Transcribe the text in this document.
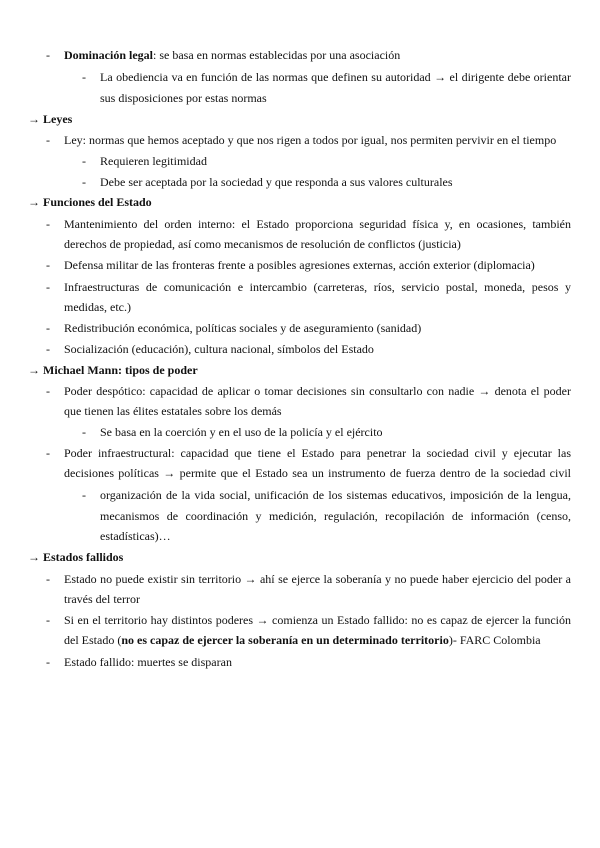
- Dominación legal: se basa en normas establecidas por una asociación
- La obediencia va en función de las normas que definen su autoridad → el dirigente debe orientar
sus disposiciones por estas normas
→ Leyes
- Ley: normas que hemos aceptado y que nos rigen a todos por igual, nos permiten pervivir en el tiempo
- Requieren legitimidad
- Debe ser aceptada por la sociedad y que responda a sus valores culturales
→ Funciones del Estado
- Mantenimiento del orden interno: el Estado proporciona seguridad física y, en ocasiones, también
derechos de propiedad, así como mecanismos de resolución de conflictos (justicia)
- Defensa militar de las fronteras frente a posibles agresiones externas, acción exterior (diplomacia)
- Infraestructuras de comunicación e intercambio (carreteras, ríos, servicio postal, moneda, pesos y
medidas, etc.)
- Redistribución económica, políticas sociales y de aseguramiento (sanidad)
- Socialización (educación), cultura nacional, símbolos del Estado
→ Michael Mann: tipos de poder
- Poder despótico: capacidad de aplicar o tomar decisiones sin consultarlo con nadie → denota el poder
que tienen las élites estatales sobre los demás
- Se basa en la coerción y en el uso de la policía y el ejército
- Poder infraestructural: capacidad que tiene el Estado para penetrar la sociedad civil y ejecutar las
decisiones políticas → permite que el Estado sea un instrumento de fuerza dentro de la sociedad civil
- organización de la vida social, unificación de los sistemas educativos, imposición de la lengua,
mecanismos de coordinación y medición, regulación, recopilación de información (censo,
estadísticas)…
→ Estados fallidos
- Estado no puede existir sin territorio → ahí se ejerce la soberanía y no puede haber ejercicio del poder a
través del terror
- Si en el territorio hay distintos poderes → comienza un Estado fallido: no es capaz de ejercer la función
del Estado (no es capaz de ejercer la soberanía en un determinado territorio)- FARC Colombia
- Estado fallido: muertes se disparan
